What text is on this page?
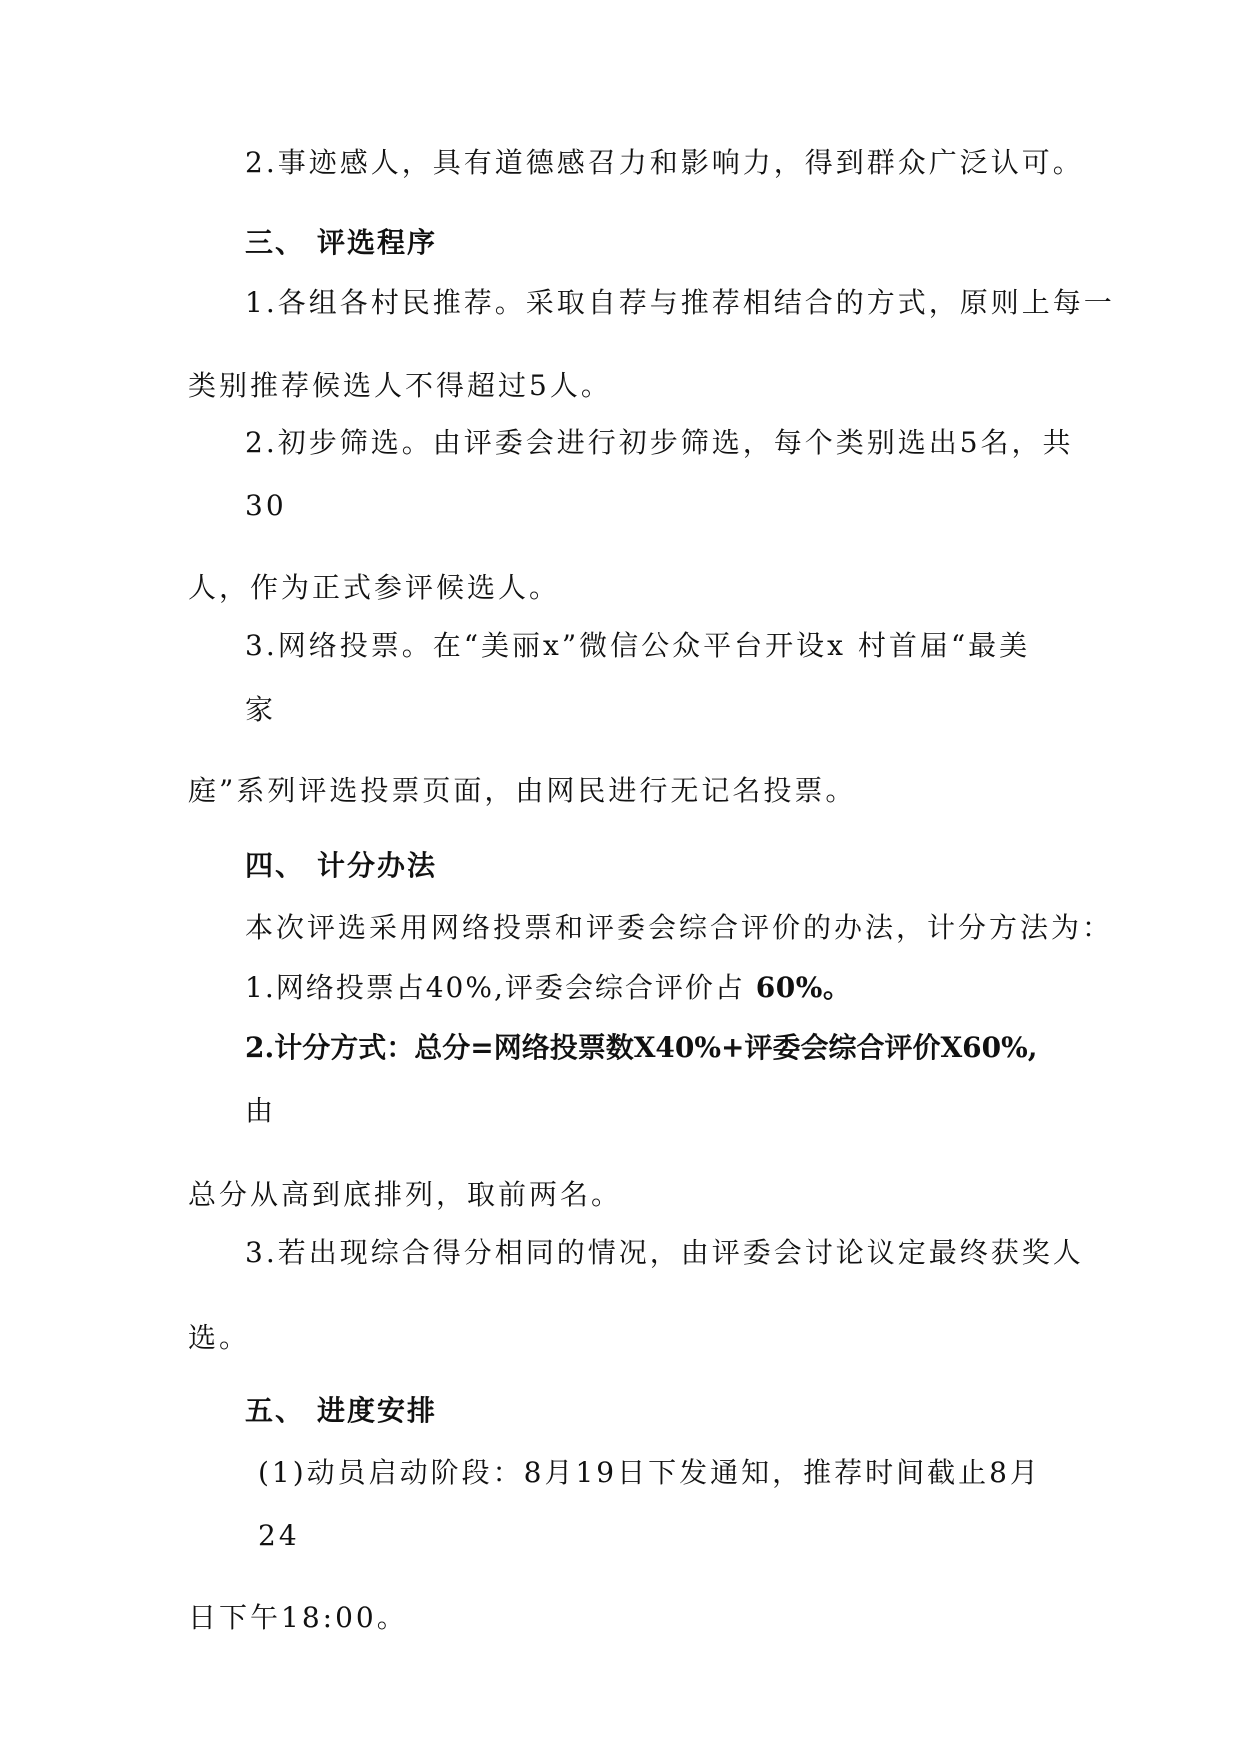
2.事迹感人，具有道德感召力和影响力，得到群众广泛认可。
三、 评选程序
1.各组各村民推荐。采取自荐与推荐相结合的方式，原则上每一
类别推荐候选人不得超过5人。
2.初步筛选。由评委会进行初步筛选，每个类别选出5名，共
30
人，作为正式参评候选人。
3.网络投票。在“美丽x”微信公众平台开设x 村首届“最美
家
庭”系列评选投票页面，由网民进行无记名投票。
四、 计分办法
本次评选采用网络投票和评委会综合评价的办法，计分方法为：
1.网络投票占40%,评委会综合评价占 60%。
2.计分方式：总分=网络投票数X40%+评委会综合评价X60%,
由
总分从高到底排列，取前两名。
3.若出现综合得分相同的情况，由评委会讨论议定最终获奖人
选。
五、 进度安排
(1)动员启动阶段：8月19日下发通知，推荐时间截止8月
24
日下午18:00。
